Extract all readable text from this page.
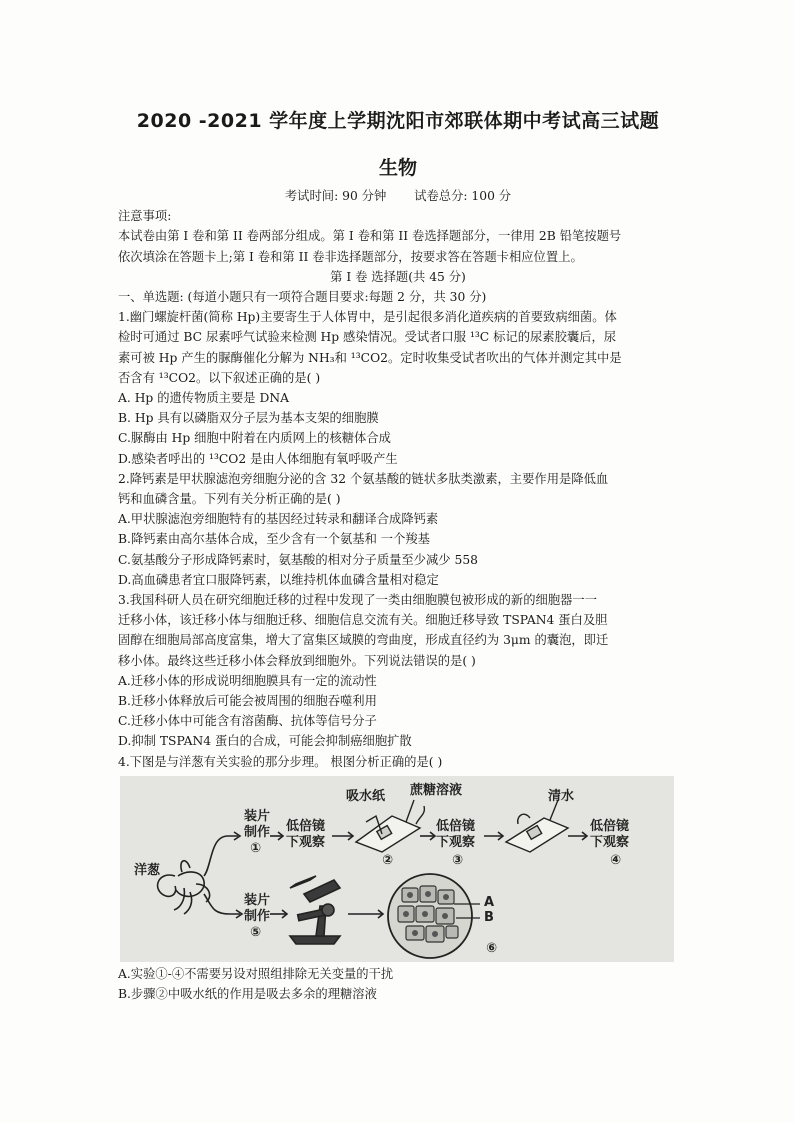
2020 -2021 学年度上学期沈阳市郊联体期中考试高三试题
生物
考试时间: 90 分钟 试卷总分: 100 分
注意事项:
本试卷由第 I 卷和第 II 卷两部分组成。第 I 卷和第 II 卷选择题部分，一律用 2B 铅笔按题号
依次填涂在答题卡上;第 I 卷和第 II 卷非选择题部分，按要求答在答题卡相应位置上。
第 I 卷 选择题(共 45 分)
一、单选题: (每道小题只有一项符合题目要求:每题 2 分，共 30 分)
1.幽门螺旋杆菌(简称 Hp)主要寄生于人体胃中，是引起很多消化道疾病的首要致病细菌。体
检时可通过 BC 尿素呼气试验来检测 Hp 感染情况。受试者口服 ¹³C 标记的尿素胶囊后，尿
素可被 Hp 产生的脲酶催化分解为 NH₃和 ¹³CO2。定时收集受试者吹出的气体并测定其中是
否含有 ¹³CO2。以下叙述正确的是( )
A. Hp 的遗传物质主要是 DNA
B. Hp 具有以磷脂双分子层为基本支架的细胞膜
C.脲酶由 Hp 细胞中附着在内质网上的核糖体合成
D.感染者呼出的 ¹³CO2 是由人体细胞有氧呼吸产生
2.降钙素是甲状腺滤泡旁细胞分泌的含 32 个氨基酸的链状多肽类激素，主要作用是降低血
钙和血磷含量。下列有关分析正确的是( )
A.甲状腺滤泡旁细胞特有的基因经过转录和翻译合成降钙素
B.降钙素由高尔基体合成，至少含有一个氨基和 一个羧基
C.氨基酸分子形成降钙素时，氨基酸的相对分子质量至少减少 558
D.高血磷患者宜口服降钙素，以维持机体血磷含量相对稳定
3.我国科研人员在研究细胞迁移的过程中发现了一类由细胞膜包被形成的新的细胞器一一
迁移小体，该迁移小体与细胞迁移、细胞信息交流有关。细胞迁移导致 TSPAN4 蛋白及胆
固醇在细胞局部高度富集，增大了富集区域膜的弯曲度，形成直径约为 3μm 的囊泡，即迁
移小体。最终这些迁移小体会释放到细胞外。下列说法错误的是( )
A.迁移小体的形成说明细胞膜具有一定的流动性
B.迁移小体释放后可能会被周围的细胞吞噬利用
C.迁移小体中可能含有溶菌酶、抗体等信号分子
D.抑制 TSPAN4 蛋白的合成，可能会抑制癌细胞扩散
4.下图是与洋葱有关实验的那分步理。 根图分析正确的是( )
洋葱
装片
制作
①
低倍镜
下观察
吸水纸 蔗糖溶液
②
低倍镜
下观察
③
清水
低倍镜
下观察
④
装片
制作
⑤
A
B
⑥
A.实验①-④不需要另设对照组排除无关变量的干扰
B.步骤②中吸水纸的作用是吸去多余的理糖溶液
